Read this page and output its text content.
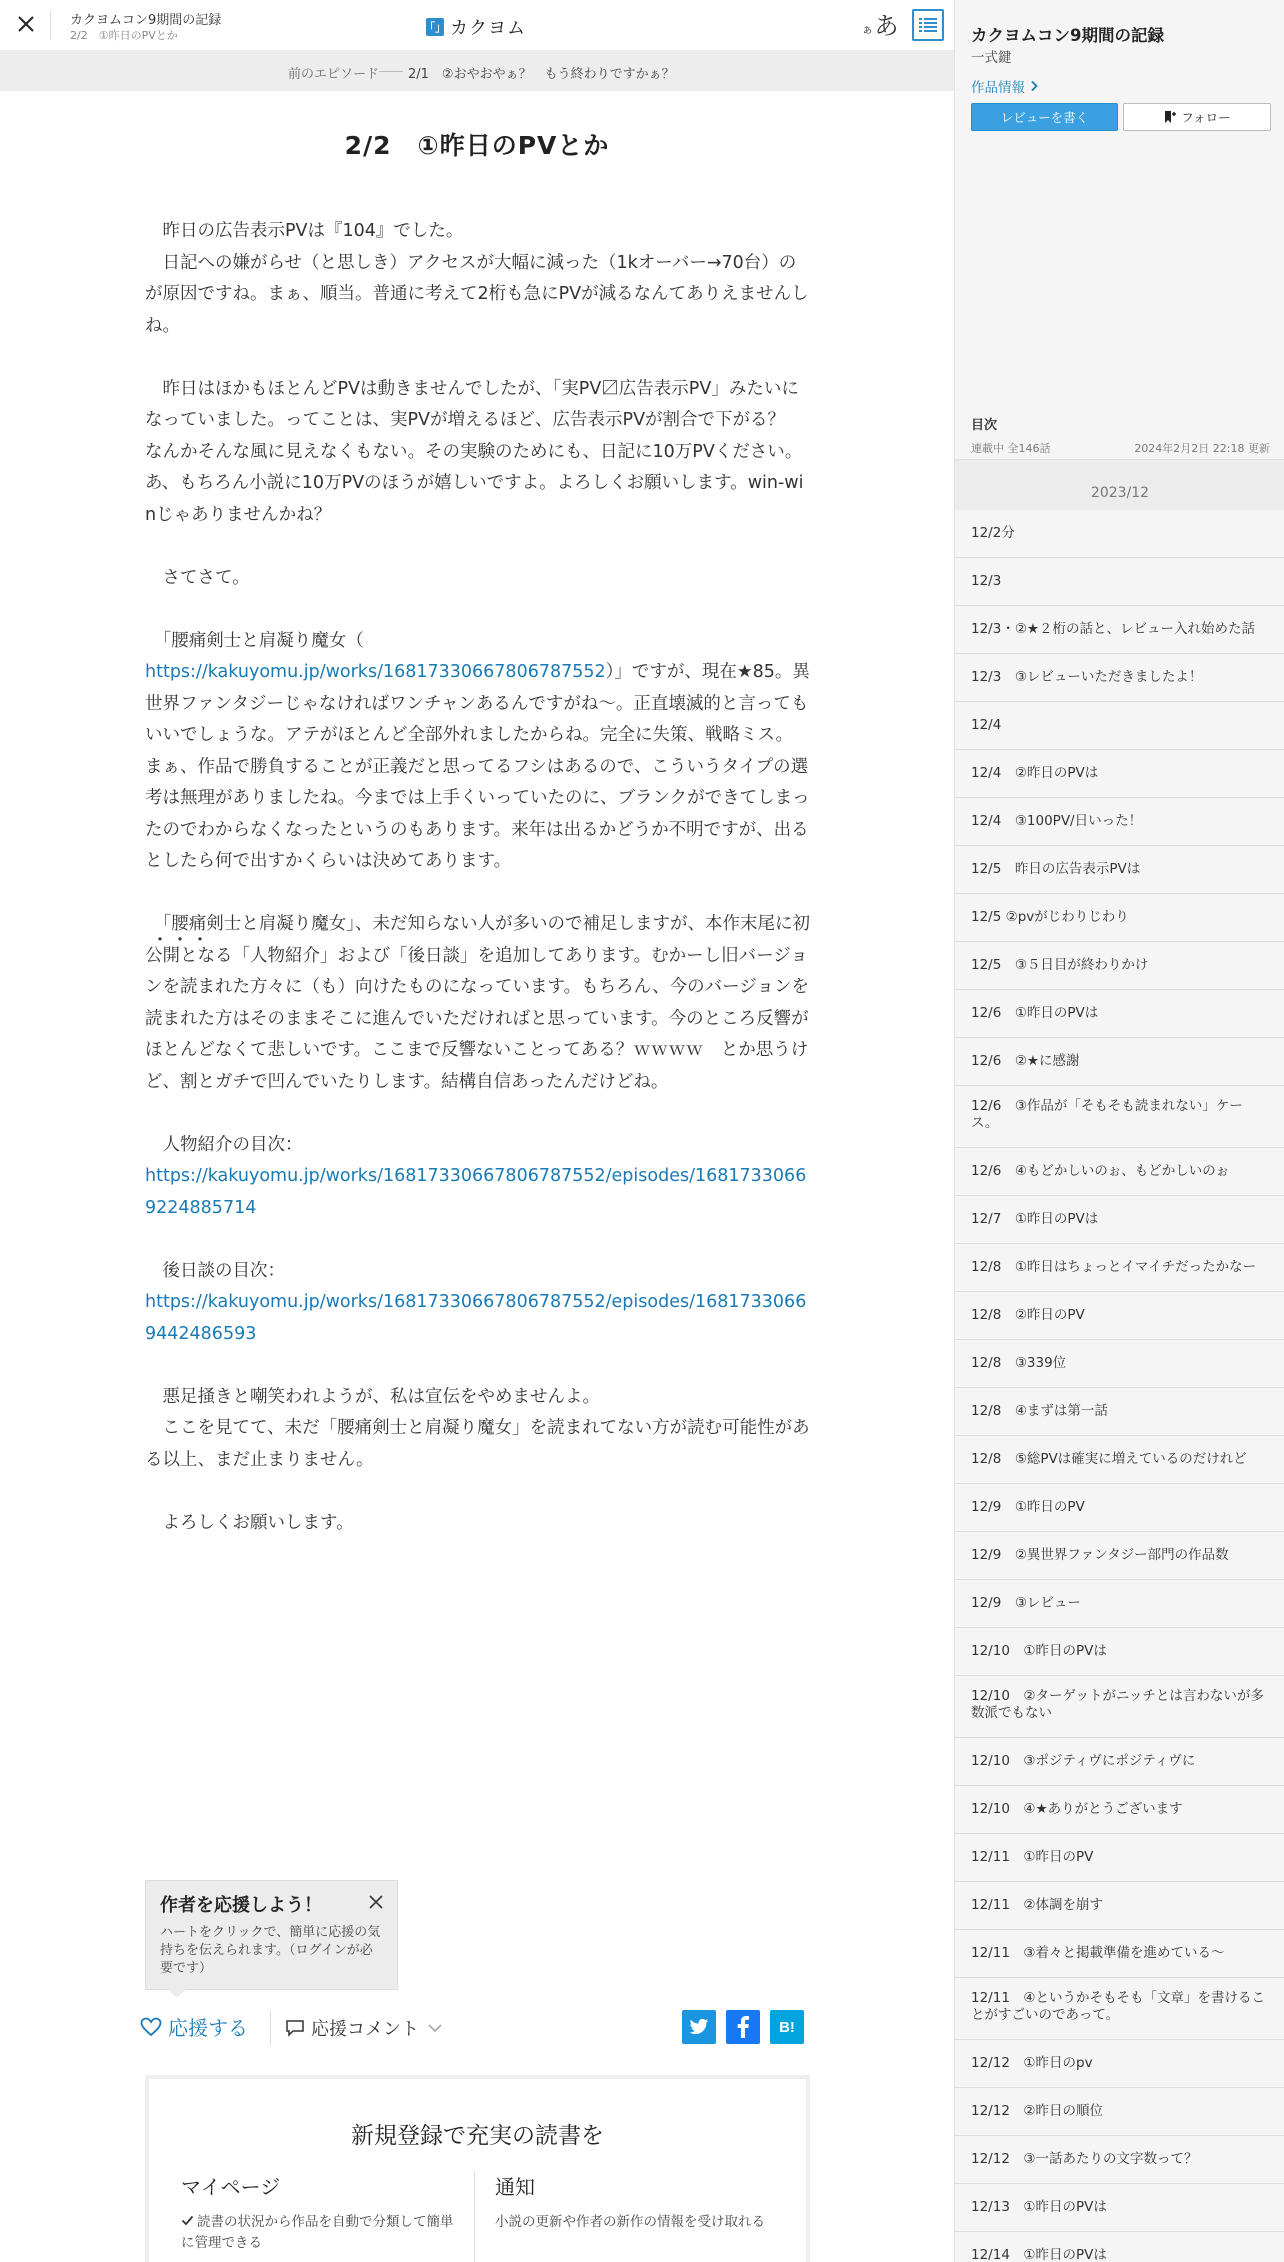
カクヨムコン9期間の記録
2/2　①昨日のPVとか
「」 カクヨム	ぁ あ
前のエピソード 2/1　②おやおやぁ？　もう終わりですかぁ？
2/2　①昨日のPVとか

　昨日の広告表示PVは『104』でした。

　日記への嫌がらせ（と思しき）アクセスが大幅に減った（1kオーバー→70台）のが原因ですね。まぁ、順当。普通に考えて2桁も急にPVが減るなんてありえませんしね。

　昨日はほかもほとんどPVは動きませんでしたが、「実PV〼広告表示PV」みたいになっていました。ってことは、実PVが増えるほど、広告表示PVが割合で下がる？　なんかそんな風に見えなくもない。その実験のためにも、日記に10万PVください。あ、もちろん小説に10万PVのほうが嬉しいですよ。よろしくお願いします。win-winじゃありませんかね？

　さてさて。

　「腰痛剣士と肩凝り魔女（

https://kakuyomu.jp/works/16817330667806787552）」ですが、現在★85。異

世界ファンタジーじゃなければワンチャンあるんですがね〜。正直壊滅的と言ってもいいでしょうな。アテがほとんど全部外れましたからね。完全に失策、戦略ミス。まぁ、作品で勝負することが正義だと思ってるフシはあるので、こういうタイプの選考は無理がありましたね。今までは上手くいっていたのに、ブランクができてしまったのでわからなくなったというのもあります。来年は出るかどうか不明ですが、出るとしたら何で出すかくらいは決めてあります。

　「腰痛剣士と肩凝り魔女」、未だ知らない人が多いので補足しますが、本作末尾に初公開となる「人物紹介」および「後日談」を追加してあります。むかーし旧バージョンを読まれた方々に（も）向けたものになっています。もちろん、今のバージョンを読まれた方はそのままそこに進んでいただければと思っています。今のところ反響がほとんどなくて悲しいです。ここまで反響ないことってある？ｗｗｗｗ　とか思うけど、割とガチで凹んでいたりします。結構自信あったんだけどね。

　人物紹介の目次：

https://kakuyomu.jp/works/16817330667806787552/episodes/16817330669224885714

　後日談の目次：

https://kakuyomu.jp/works/16817330667806787552/episodes/16817330669442486593

　悪足掻きと嘲笑われようが、私は宣伝をやめませんよ。

　ここを見てて、未だ「腰痛剣士と肩凝り魔女」を読まれてない方が読む可能性がある以上、まだ止まりません。

　よろしくお願いします。

・・・
作者を応援しよう！
ハートをクリックで、簡単に応援の気持ちを伝えられます。（ログインが必要です）
応援する	応援コメント	B!
新規登録で充実の読書を
マイページ
読書の状況から作品を自動で分類して簡単に管理できる
通知
小説の更新や作者の新作の情報を受け取れる
カクヨムコン9期間の記録
一式鍵
作品情報
レビューを書く	フォロー
目次
連載中 全146話	2024年2月2日 22:18 更新
2023/12
12/2分
12/3
12/3・②★２桁の話と、レビュー入れ始めた話
12/3　③レビューいただきましたよ！
12/4
12/4　②昨日のPVは
12/4　③100PV/日いった！
12/5　昨日の広告表示PVは
12/5 ②pvがじわりじわり
12/5　③５日目が終わりかけ
12/6　①昨日のPVは
12/6　②★に感謝
12/6　③作品が「そもそも読まれない」ケース。
12/6　④もどかしいのぉ、もどかしいのぉ
12/7　①昨日のPVは
12/8　①昨日はちょっとイマイチだったかなー
12/8　②昨日のPV
12/8　③339位
12/8　④まずは第一話
12/8　⑤総PVは確実に増えているのだけれど
12/9　①昨日のPV
12/9　②異世界ファンタジー部門の作品数
12/9　③レビュー
12/10　①昨日のPVは
12/10　②ターゲットがニッチとは言わないが多数派でもない
12/10　③ポジティヴにポジティヴに
12/10　④★ありがとうございます
12/11　①昨日のPV
12/11　②体調を崩す
12/11　③着々と掲載準備を進めている〜
12/11　④というかそもそも「文章」を書けることがすごいのであって。
12/12　①昨日のpv
12/12　②昨日の順位
12/12　③一話あたりの文字数って？
12/13　①昨日のPVは
12/14　①昨日のPVは
